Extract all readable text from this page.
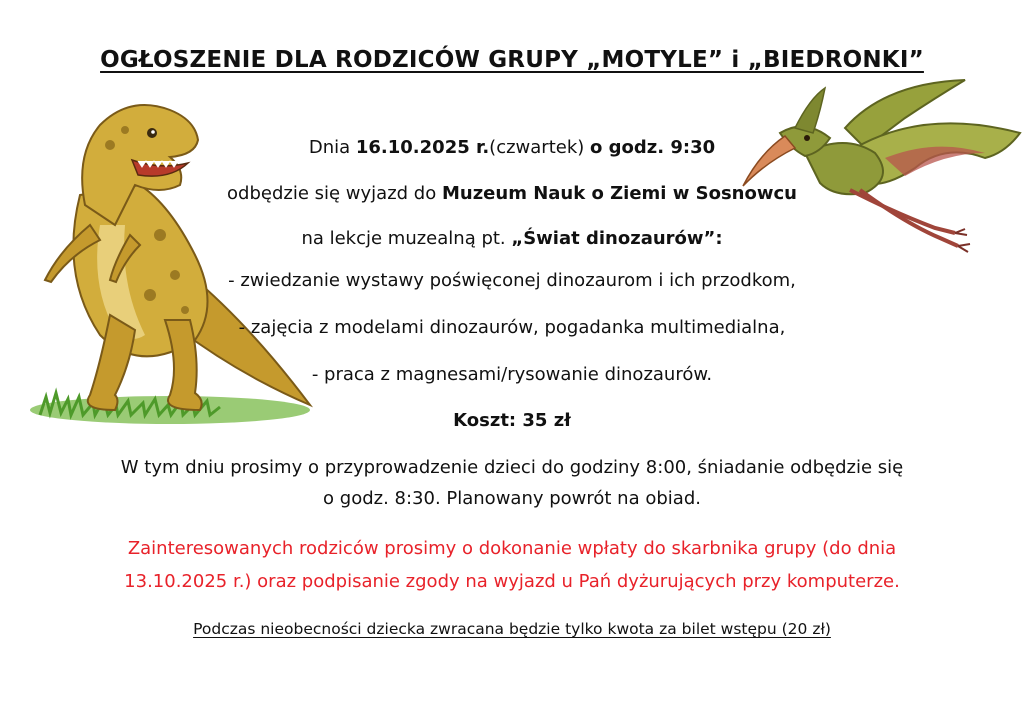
OGŁOSZENIE DLA RODZICÓW GRUPY „MOTYLE” i „BIEDRONKI”
Dnia 16.10.2025 r.(czwartek) o godz. 9:30
odbędzie się wyjazd do Muzeum Nauk o Ziemi w Sosnowcu
na lekcje muzealną pt. „Świat dinozaurów”:
- zwiedzanie wystawy poświęconej dinozaurom i ich przodkom,
- zajęcia z modelami dinozaurów, pogadanka multimedialna,
- praca z magnesami/rysowanie dinozaurów.
Koszt: 35 zł
W tym dniu prosimy o przyprowadzenie dzieci do godziny 8:00, śniadanie odbędzie się
o godz. 8:30. Planowany powrót na obiad.
Zainteresowanych rodziców prosimy o dokonanie wpłaty do skarbnika grupy (do dnia
13.10.2025 r.) oraz podpisanie zgody na wyjazd u Pań dyżurujących przy komputerze.
Podczas nieobecności dziecka zwracana będzie tylko kwota za bilet wstępu (20 zł)
